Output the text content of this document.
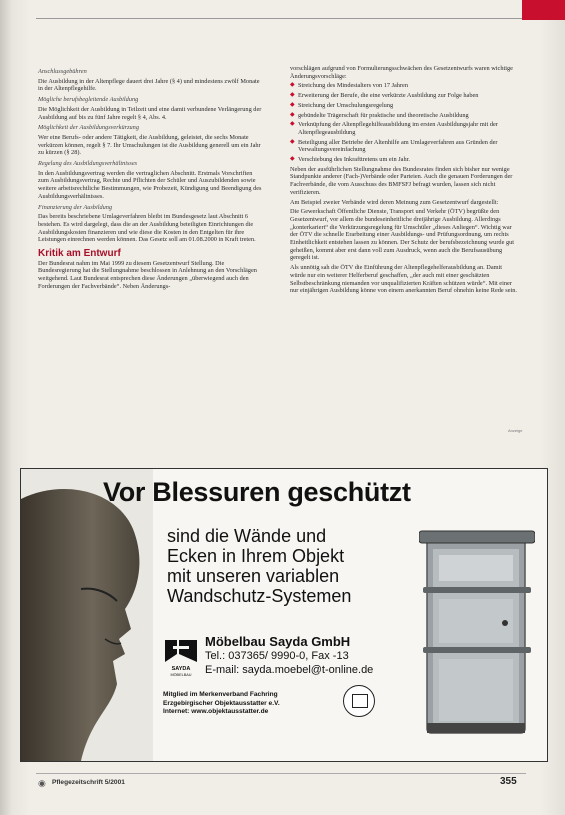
Anschlussgebühren

Die Ausbildung in der Altenpflege dauert drei Jahre (§ 4) und mindestens zwölf Monate in der Altenpflegehilfe.

Mögliche berufsbegleitende Ausbildung

Die Möglichkeit der Ausbildung in Teilzeit und eine damit verbundene Verlängerung der Ausbildung auf bis zu fünf Jahre regelt § 4, Abs. 4.

Möglichkeit der Ausbildungsverkürzung

Wer eine Berufs- oder andere Tätigkeit, die Ausbildung, geleistet, die sechs Monate verkürzen können, regelt § 7. Ihr Umschulungen ist die Ausbildung generell um ein Jahr zu kürzen (§ 28).

Regelung des Ausbildungsverhältnisses

In den Ausbildungsvertrag werden die vertraglichen Abschnitt. Erstmals Vorschriften zum Ausbildungsvertrag, Rechte und Pflichten der Schüler und Auszubildenden sowie weitere arbeitsrechtliche Bestimmungen, wie Probezeit, Kündigung und Beendigung des Ausbildungsverhältnisses.

Finanzierung der Ausbildung

Das bereits beschriebene Umlageverfahren bleibt im Bundesgesetz laut Abschnitt 6 bestehen. Es wird dargelegt, dass die an der Ausbildung beteiligten Einrichtungen die Ausbildungskosten finanzieren und wie diese die Kosten in den Entgelten für ihre Leistungen einrechnen werden können. Das Gesetz soll am 01.08.2000 in Kraft treten.

Kritik am Entwurf

Der Bundesrat nahm im Mai 1999 zu diesem Gesetzentwurf Stellung. Die Bundesregierung hat die Stellungnahme beschlossen in Anlehnung an den Vorschlägen weitgehend. Laut Bundesrat entsprechen diese Änderungen „überwiegend auch den Forderungen der Fachverbände“. Neben Änderungs-

vorschlägen aufgrund von Formulierungsschwächen des Gesetzentwurfs waren wichtige Änderungsvorschläge:

◆ Streichung des Mindestalters von 17 Jahren

◆ Erweiterung der Berufe, die eine verkürzte Ausbildung zur Folge haben

◆ Streichung der Umschulungsregelung

◆ gebündelte Trägerschaft für praktische und theoretische Ausbildung

◆ Verknüpfung der Altenpflegehilfeausbildung im ersten Ausbildungsjahr mit der Altenpflegeausbildung

◆ Beteiligung aller Betriebe der Altenhilfe am Umlageverfahren aus Gründen der Verwaltungsvereinfachung

◆ Verschiebung des Inkrafttretens um ein Jahr.

Neben der ausführlichen Stellungnahme des Bundesrates finden sich bisher nur wenige Standpunkte anderer (Fach-)Verbände oder Parteien. Auch die genauen Forderungen der Fachverbände, die vom Ausschuss des BMFSFJ befragt wurden, lassen sich nicht verifizieren.

Am Beispiel zweier Verbände wird deren Meinung zum Gesetzentwurf dargestellt:

Die Gewerkschaft Öffentliche Dienste, Transport und Verkehr (ÖTV) begrüßte den Gesetzentwurf, vor allem die bundeseinheitliche dreijährige Ausbildung. Allerdings „konterkariert“ die Verkürzungsregelung für Umschüler „dieses Anliegen“. Wichtig war der ÖTV die schnelle Erarbeitung einer Ausbildungs- und Prüfungsordnung, um rechts Einheitlichkeit entstehen lassen zu können. Der Schutz der berufsbezeichnung wurde gut geheißen, kommt aber erst dann voll zum Ausdruck, wenn auch die Berufsausübung geregelt ist.

Als unnötig sah die ÖTV die Einführung der Altenpflegehelferausbildung an. Damit würde nur ein weiterer Helferberuf geschaffen, „der auch mit einer geschätzten Selbstbeschränkung niemanden vor unqualifizierten Kräften schützen würde“. Mit einer nur einjährigen Ausbildung könne von einem anerkannten Beruf ohnehin keine Rede sein.

Anzeige
Vor Blessuren geschützt
sind die Wände und
Ecken in Ihrem Objekt
mit unseren variablen
Wandschutz-Systemen
SAYDA
MÖBELBAU
Möbelbau Sayda GmbH
Tel.: 037365/ 9990-0, Fax -13
E-mail: sayda.moebel@t-online.de
Mitglied im Merkenverband Fachring
Erzgebirgischer Objektausstatter e.V.
Internet: www.objektausstatter.de
◉ Pflegezeitschrift 5/2001	355
